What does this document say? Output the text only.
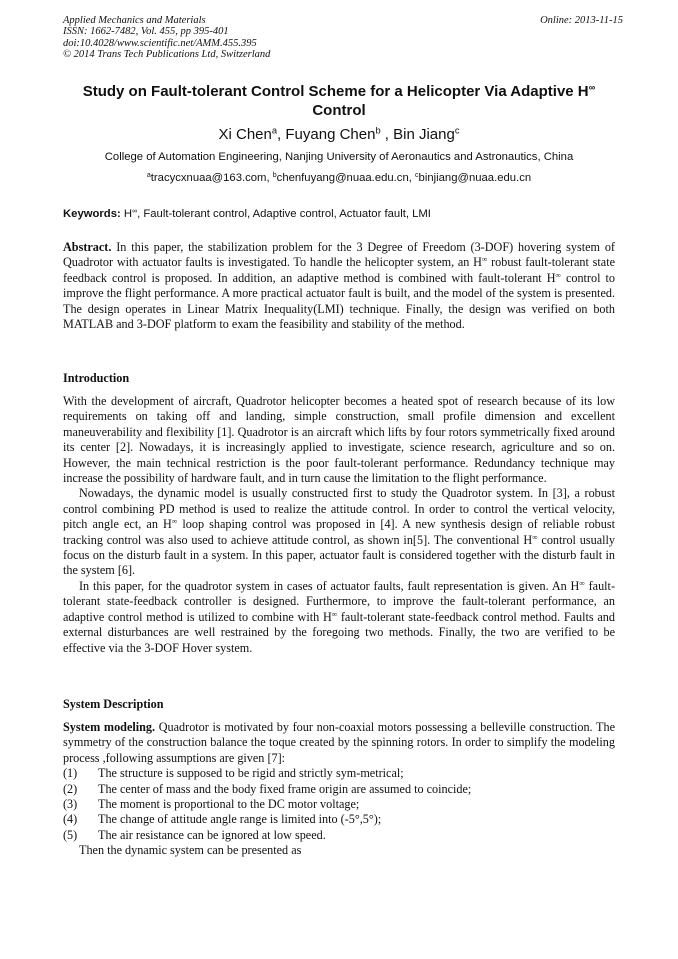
Applied Mechanics and Materials
ISSN: 1662-7482, Vol. 455, pp 395-401
doi:10.4028/www.scientific.net/AMM.455.395
© 2014 Trans Tech Publications Ltd, Switzerland
Online: 2013-11-15
Study on Fault-tolerant Control Scheme for a Helicopter Via Adaptive H∞
Control
Xi Chen$^a$, Fuyang Chen$^b$ , Bin Jiang$^c$
College of Automation Engineering, Nanjing University of Aeronautics and Astronautics, China
$^a$tracycxnuaa@163.com, $^b$chenfuyang@nuaa.edu.cn, $^c$binjiang@nuaa.edu.cn
Keywords: H∞, Fault-tolerant control, Adaptive control, Actuator fault, LMI

Abstract. In this paper, the stabilization problem for the 3 Degree of Freedom (3-DOF) hovering system of Quadrotor with actuator faults is investigated. To handle the helicopter system, an H∞ robust fault-tolerant state feedback control is proposed. In addition, an adaptive method is combined with fault-tolerant H∞ control to improve the flight performance. A more practical actuator fault is built, and the model of the system is presented. The design operates in Linear Matrix Inequality(LMI) technique. Finally, the design was verified on both MATLAB and 3-DOF platform to exam the feasibility and stability of the method.

Introduction

With the development of aircraft, Quadrotor helicopter becomes a heated spot of research because of its low requirements on taking off and landing, simple construction, small profile dimension and excellent maneuverability and flexibility [1]. Quadrotor is an aircraft which lifts by four rotors symmetrically fixed around its center [2]. Nowadays, it is increasingly applied to investigate, science research, agriculture and so on. However, the main technical restriction is the poor fault-tolerant performance. Redundancy technique may increase the possibility of hardware fault, and in turn cause the limitation to the flight performance.

Nowadays, the dynamic model is usually constructed first to study the Quadrotor system. In [3], a robust control combining PD method is used to realize the attitude control. In order to control the vertical velocity, pitch angle ect, an H∞ loop shaping control was proposed in [4]. A new synthesis design of reliable robust tracking control was also used to achieve attitude control, as shown in[5]. The conventional H∞ control usually focus on the disturb fault in a system. In this paper, actuator fault is considered together with the disturb fault in the system [6].

In this paper, for the quadrotor system in cases of actuator faults, fault representation is given. An H∞ fault-tolerant state-feedback controller is designed. Furthermore, to improve the fault-tolerant performance, an adaptive control method is utilized to combine with H∞ fault-tolerant state-feedback control method. Faults and external disturbances are well restrained by the foregoing two methods. Finally, the two are verified to be effective via the 3-DOF Hover system.

System Description

System modeling. Quadrotor is motivated by four non-coaxial motors possessing a belleville construction. The symmetry of the construction balance the toque created by the spinning rotors. In order to simplify the modeling process ,following assumptions are given [7]:

(1)	The structure is supposed to be rigid and strictly sym-metrical;
(2)	The center of mass and the body fixed frame origin are assumed to coincide;
(3)	The moment is proportional to the DC motor voltage;
(4)	The change of attitude angle range is limited into (-5°,5°);
(5)	The air resistance can be ignored at low speed.

Then the dynamic system can be presented as
